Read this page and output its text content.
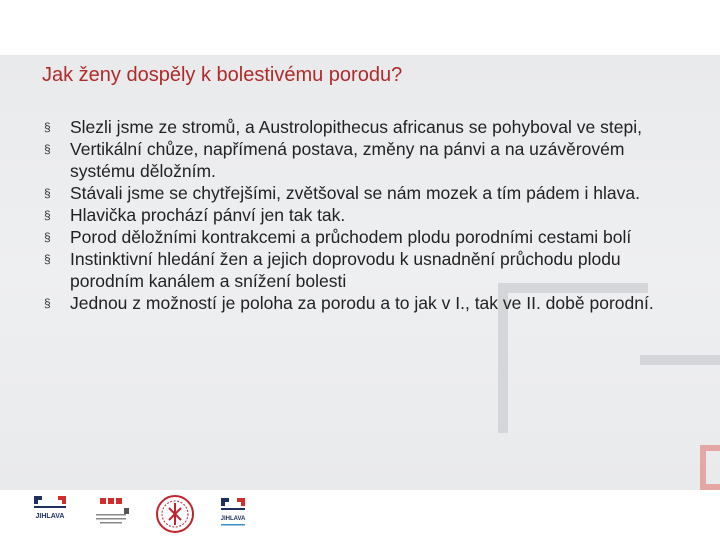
Jak ženy dospěly k bolestivému porodu?
§ Slezli jsme ze stromů, a Austrolopithecus africanus se pohyboval ve stepi,
§ Vertikální chůze, napřímená postava, změny na pánvi a na uzávěrovém systému děložním.
§ Stávali jsme se chytřejšími, zvětšoval se nám mozek a tím pádem i hlava.
§ Hlavička prochází pánví jen tak tak.
§ Porod děložními kontrakcemi a průchodem plodu porodními cestami bolí
§ Instinktivní hledání žen a jejich doprovodu k usnadnění průchodu plodu porodním kanálem a snížení bolesti
§ Jednou z možností je poloha za porodu a to jak v I., tak ve II. době porodní.
JIHLAVA	JIHLAVA
